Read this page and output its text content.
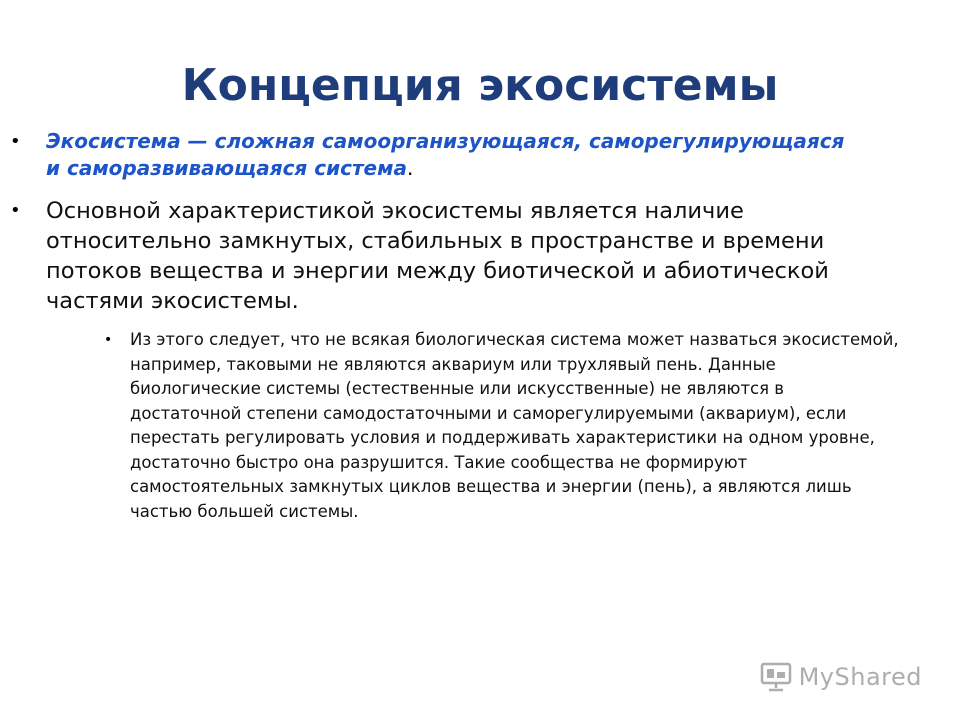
Концепция экосистемы
• Экосистема — сложная самоорганизующаяся, саморегулирующаяся и саморазвивающаяся система.
• Основной характеристикой экосистемы является наличие относительно замкнутых, стабильных в пространстве и времени потоков вещества и энергии между биотической и абиотической частями экосистемы.
• Из этого следует, что не всякая биологическая система может назваться экосистемой, например, таковыми не являются аквариум или трухлявый пень. Данные биологические системы (естественные или искусственные) не являются в достаточной степени самодостаточными и саморегулируемыми (аквариум), если перестать регулировать условия и поддерживать характеристики на одном уровне, достаточно быстро она разрушится. Такие сообщества не формируют самостоятельных замкнутых циклов вещества и энергии (пень), а являются лишь частью большей системы.
MyShared
